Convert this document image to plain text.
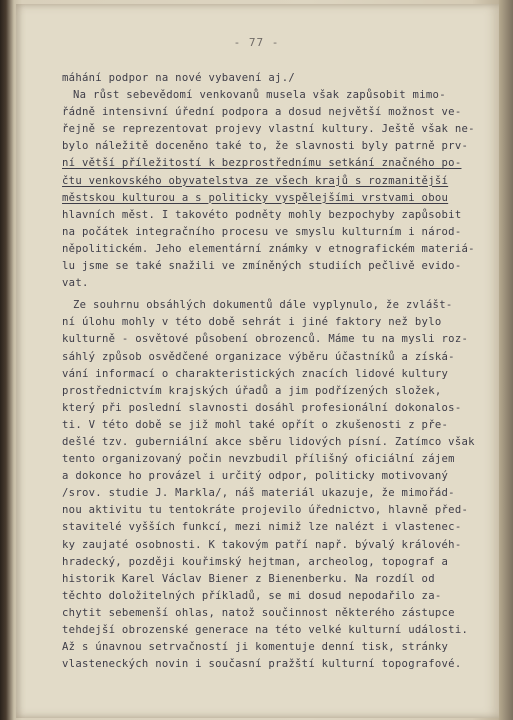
- 77 -
máhání podpor na nové vybavení aj./
Na růst sebevědomí venkovanů musela však zapůsobit mimo-
řádně intensivní úřední podpora a dosud největší možnost ve-
řejně se reprezentovat projevy vlastní kultury. Ještě však ne-
bylo náležitě doceněno také to, že slavnosti byly patrně prv-
ní větší příležitostí k bezprostřednímu setkání značného po-
čtu venkovského obyvatelstva ze všech krajů s rozmanitější
městskou kulturou a s politicky vyspělejšími vrstvami obou
hlavních měst. I takovéto podněty mohly bezpochyby zapůsobit
na počátek integračního procesu ve smyslu kulturním i národ-
něpolitickém. Jeho elementární známky v etnografickém materiá-
lu jsme se také snažili ve zmíněných studiích pečlivě evido-
vat.
Ze souhrnu obsáhlých dokumentů dále vyplynulo, že zvlášt-
ní úlohu mohly v této době sehrát i jiné faktory než bylo
kulturně - osvětové působení obrozenců. Máme tu na mysli roz-
sáhlý způsob osvědčené organizace výběru účastníků a získá-
vání informací o charakteristických znacích lidové kultury
prostřednictvím krajských úřadů a jim podřízených složek,
který při poslední slavnosti dosáhl profesionální dokonalos-
ti. V této době se již mohl také opřít o zkušenosti z pře-
dešlé tzv. guberniální akce sběru lidových písní. Zatímco však
tento organizovaný počin nevzbudil přílišný oficiální zájem
a dokonce ho provázel i určitý odpor, politicky motivovaný
/srov. studie J. Markla/, náš materiál ukazuje, že mimořád-
nou aktivitu tu tentokráte projevilo úřednictvo, hlavně před-
stavitelé vyšších funkcí, mezi nimiž lze nalézt i vlastenec-
ky zaujaté osobnosti. K takovým patří např. bývalý královéh-
hradecký, později kouřimský hejtman, archeolog, topograf a
historik Karel Václav Biener z Bienenberku. Na rozdíl od
těchto doložitelných příkladů, se mi dosud nepodařilo za-
chytit sebemenší ohlas, natož součinnost některého zástupce
tehdejší obrozenské generace na této velké kulturní události.
Až s únavnou setrvačností ji komentuje denní tisk, stránky
vlasteneckých novin i současní pražští kulturní topografové.
